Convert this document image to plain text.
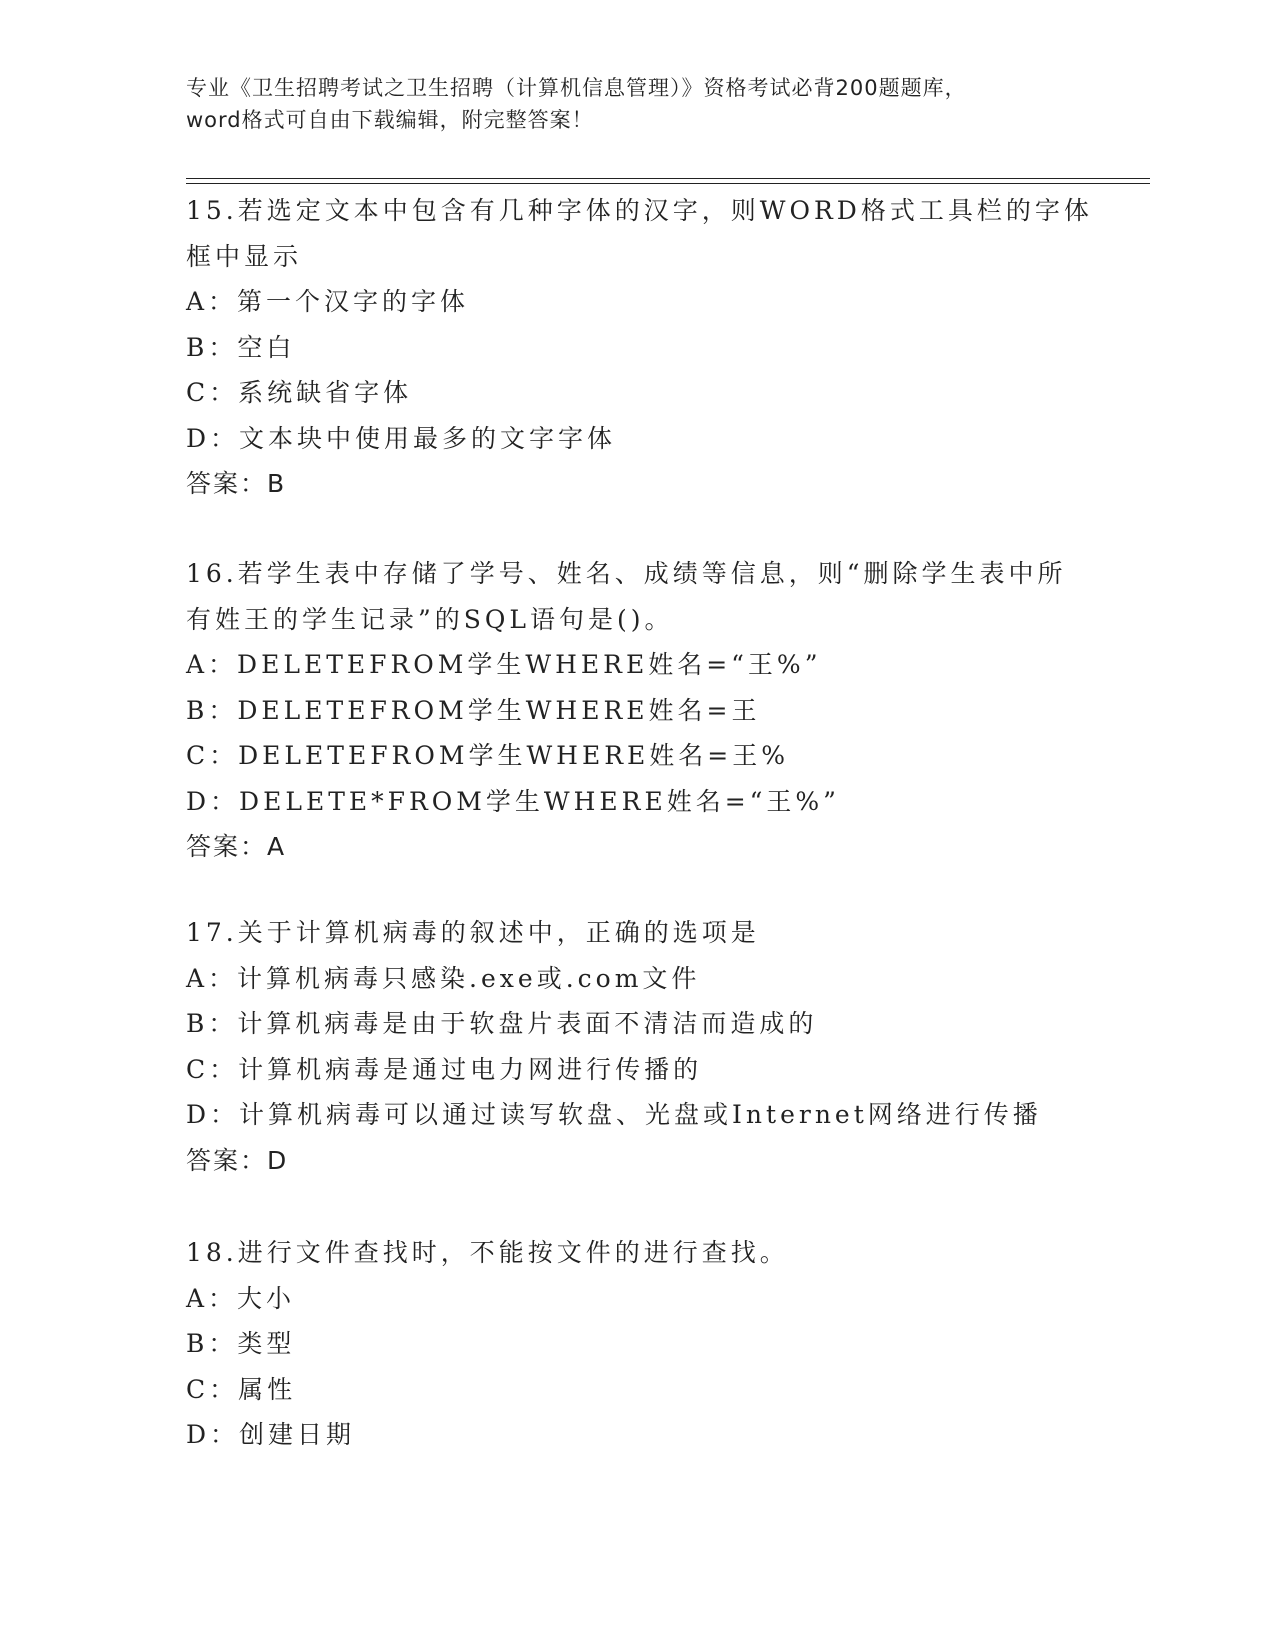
专业《卫生招聘考试之卫生招聘（计算机信息管理）》资格考试必背200题题库，
word格式可自由下载编辑，附完整答案！
15.若选定文本中包含有几种字体的汉字，则WORD格式工具栏的字体
框中显示
A：第一个汉字的字体
B：空白
C：系统缺省字体
D：文本块中使用最多的文字字体
答案：B
16.若学生表中存储了学号、姓名、成绩等信息，则“删除学生表中所
有姓王的学生记录”的SQL语句是()。
A：DELETEFROM学生WHERE姓名=“王%”
B：DELETEFROM学生WHERE姓名=王
C：DELETEFROM学生WHERE姓名=王%
D：DELETE*FROM学生WHERE姓名=“王%”
答案：A
17.关于计算机病毒的叙述中，正确的选项是
A：计算机病毒只感染.exe或.com文件
B：计算机病毒是由于软盘片表面不清洁而造成的
C：计算机病毒是通过电力网进行传播的
D：计算机病毒可以通过读写软盘、光盘或Internet网络进行传播
答案：D
18.进行文件查找时，不能按文件的进行查找。
A：大小
B：类型
C：属性
D：创建日期
